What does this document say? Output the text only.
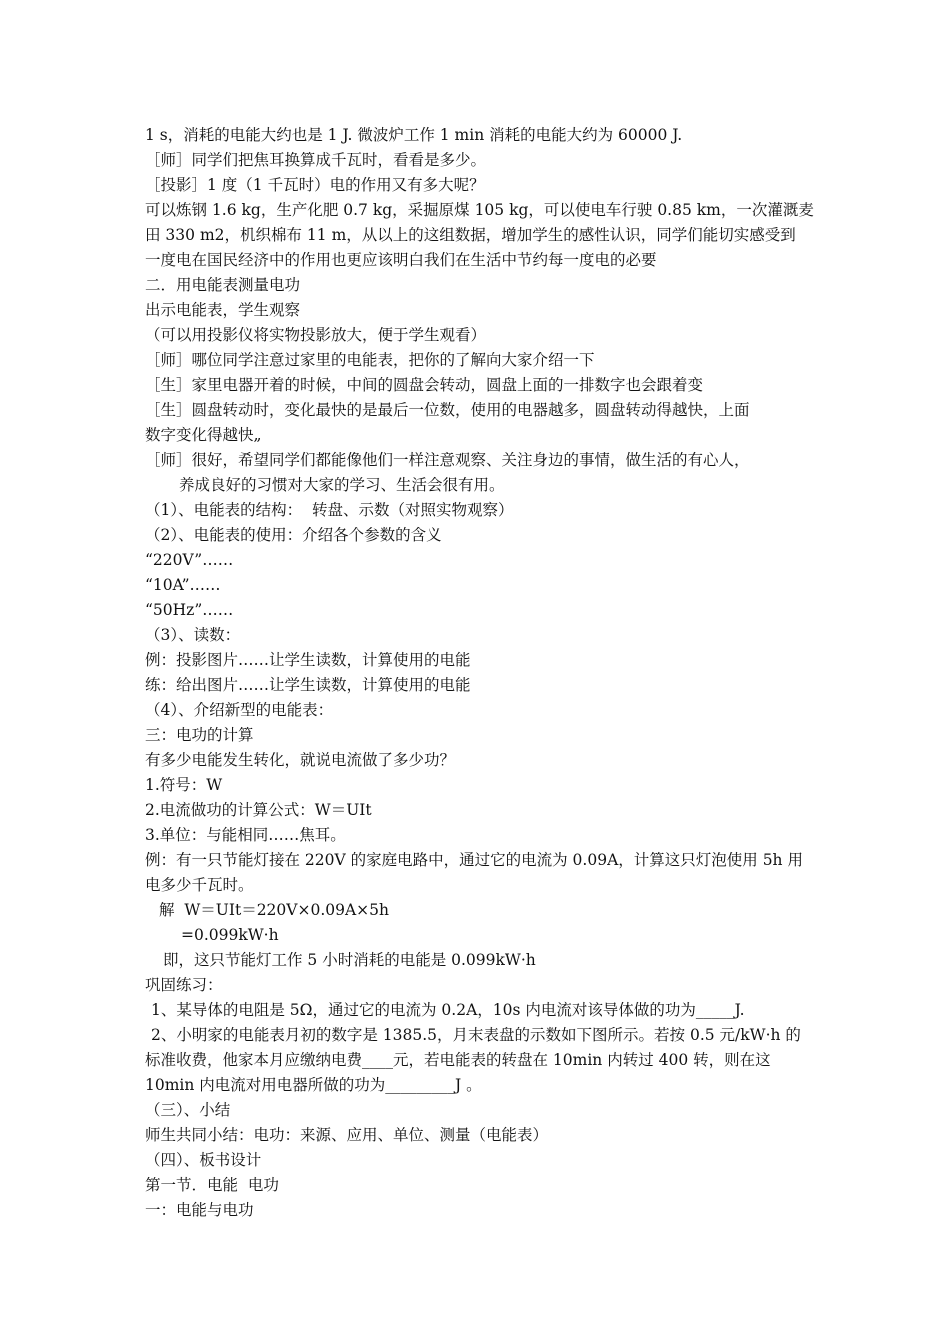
1 s，消耗的电能大约也是 1 J. 微波炉工作 1 min 消耗的电能大约为 60000 J.
［师］同学们把焦耳换算成千瓦时，看看是多少。
［投影］1 度（1 千瓦时）电的作用又有多大呢？
可以炼钢 1.6 kg，生产化肥 0.7 kg，采掘原煤 105 kg，可以使电车行驶 0.85 km，一次灌溉麦
田 330 m2，机织棉布 11 m，从以上的这组数据，增加学生的感性认识，同学们能切实感受到
一度电在国民经济中的作用也更应该明白我们在生活中节约每一度电的必要
二．用电能表测量电功
出示电能表，学生观察
（可以用投影仪将实物投影放大，便于学生观看）
［师］哪位同学注意过家里的电能表，把你的了解向大家介绍一下
［生］家里电器开着的时候，中间的圆盘会转动，圆盘上面的一排数字也会跟着变
［生］圆盘转动时，变化最快的是最后一位数，使用的电器越多，圆盘转动得越快，上面
数字变化得越快„
［师］很好，希望同学们都能像他们一样注意观察、关注身边的事情，做生活的有心人，
养成良好的习惯对大家的学习、生活会很有用。
（1）、电能表的结构：  转盘、示数（对照实物观察）
（2）、电能表的使用：介绍各个参数的含义
“220V”……
“10A”……
“50Hz”……
（3）、读数：
例：投影图片……让学生读数，计算使用的电能
练：给出图片……让学生读数，计算使用的电能
（4）、介绍新型的电能表：
三：电功的计算
有多少电能发生转化，就说电流做了多少功？
1.符号：W
2.电流做功的计算公式：W＝UIt
3.单位：与能相同……焦耳。
例：有一只节能灯接在 220V 的家庭电路中，通过它的电流为 0.09A，计算这只灯泡使用 5h 用
电多少千瓦时。
解  W＝UIt＝220V×0.09A×5h
=0.099kW·h
即，这只节能灯工作 5 小时消耗的电能是 0.099kW·h
巩固练习：
1、某导体的电阻是 5Ω，通过它的电流为 0.2A，10s 内电流对该导体做的功为_____J.
2、小明家的电能表月初的数字是 1385.5，月末表盘的示数如下图所示。若按 0.5 元/kW·h 的
标准收费，他家本月应缴纳电费____元，若电能表的转盘在 10min 内转过 400 转，则在这
10min 内电流对用电器所做的功为_________J 。
（三）、小结
师生共同小结：电功：来源、应用、单位、测量（电能表）
（四）、板书设计
第一节．电能  电功
一：电能与电功
